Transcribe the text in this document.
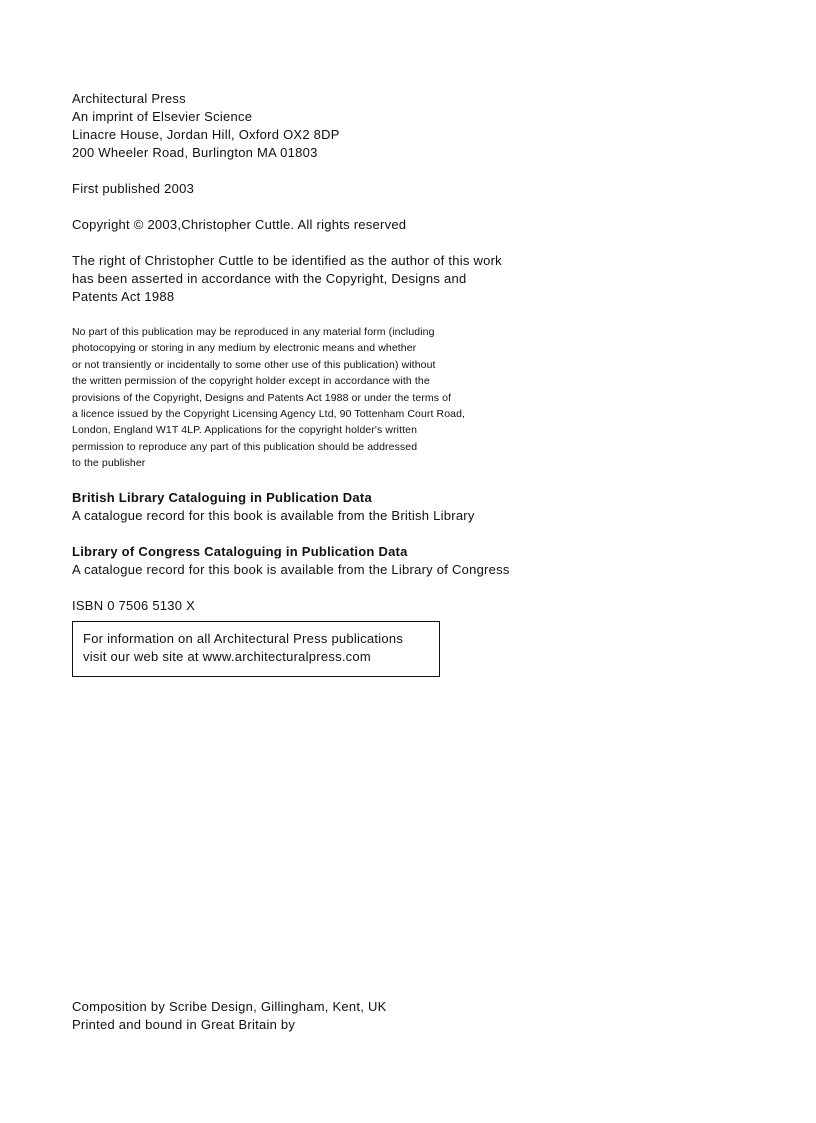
Architectural Press
An imprint of Elsevier Science
Linacre House, Jordan Hill, Oxford OX2 8DP
200 Wheeler Road, Burlington MA 01803
First published 2003
Copyright © 2003,Christopher Cuttle. All rights reserved
The right of Christopher Cuttle to be identified as the author of this work
has been asserted in accordance with the Copyright, Designs and
Patents Act 1988
No part of this publication may be reproduced in any material form (including
photocopying or storing in any medium by electronic means and whether
or not transiently or incidentally to some other use of this publication) without
the written permission of the copyright holder except in accordance with the
provisions of the Copyright, Designs and Patents Act 1988 or under the terms of
a licence issued by the Copyright Licensing Agency Ltd, 90 Tottenham Court Road,
London, England W1T 4LP. Applications for the copyright holder's written
permission to reproduce any part of this publication should be addressed
to the publisher
British Library Cataloguing in Publication Data
A catalogue record for this book is available from the British Library
Library of Congress Cataloguing in Publication Data
A catalogue record for this book is available from the Library of Congress
ISBN 0 7506 5130 X
For information on all Architectural Press publications
visit our web site at www.architecturalpress.com
Composition by Scribe Design, Gillingham, Kent, UK
Printed and bound in Great Britain by
